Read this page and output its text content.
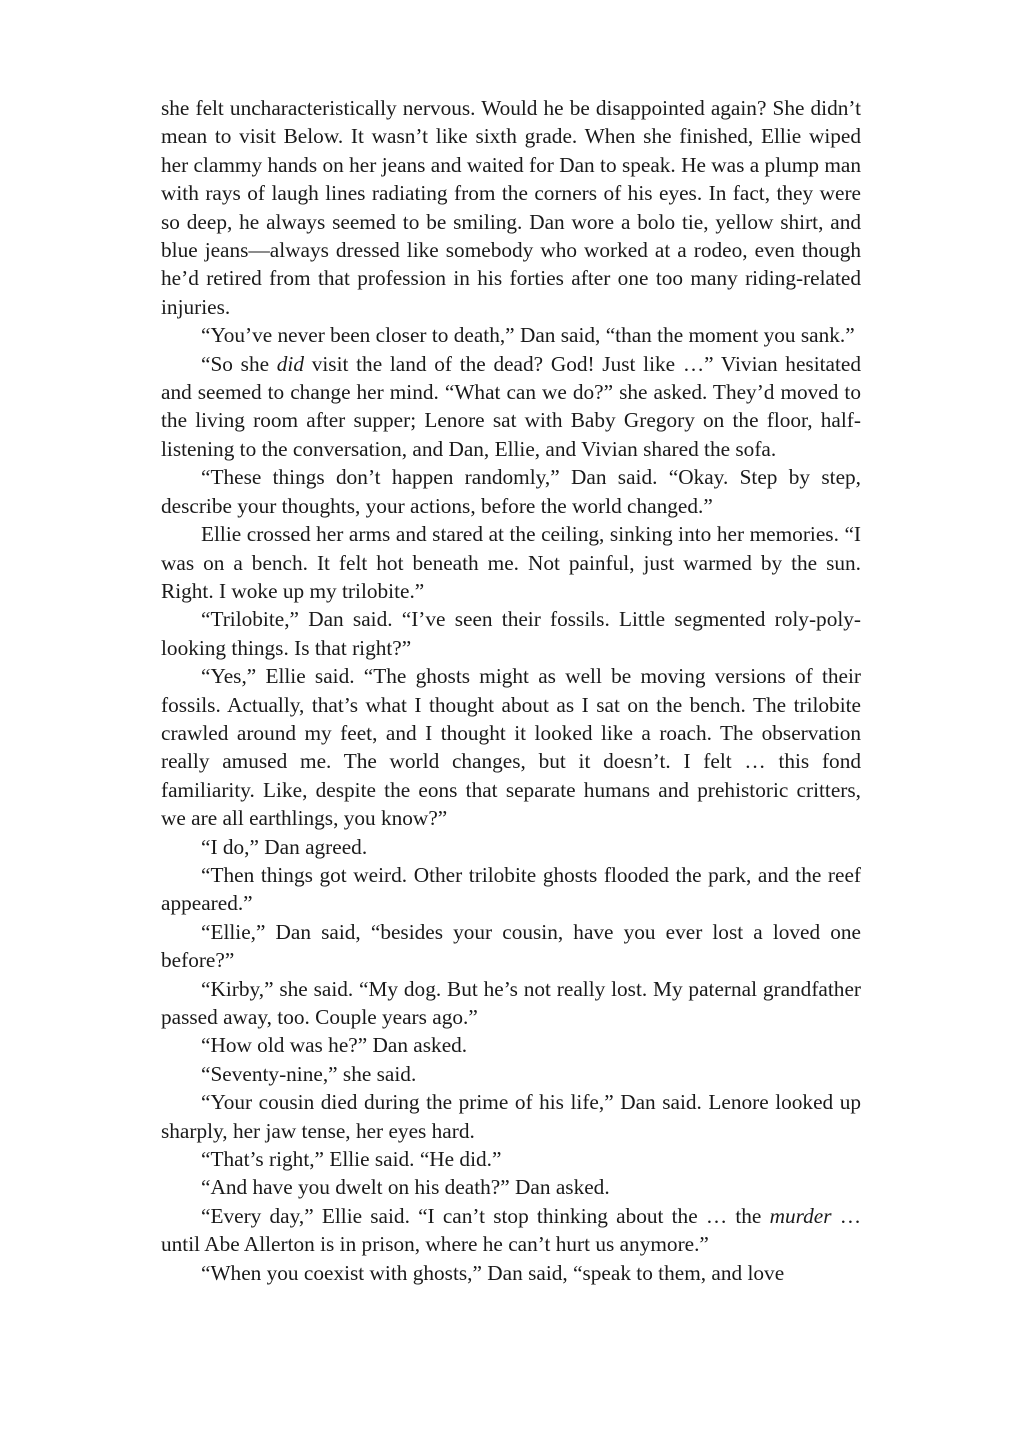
she felt uncharacteristically nervous. Would he be disappointed again? She didn’t mean to visit Below. It wasn’t like sixth grade. When she finished, Ellie wiped her clammy hands on her jeans and waited for Dan to speak. He was a plump man with rays of laugh lines radiating from the corners of his eyes. In fact, they were so deep, he always seemed to be smiling. Dan wore a bolo tie, yellow shirt, and blue jeans—always dressed like somebody who worked at a rodeo, even though he’d retired from that profession in his forties after one too many riding-related injuries.

“You’ve never been closer to death,” Dan said, “than the moment you sank.”

“So she did visit the land of the dead? God! Just like …” Vivian hesitated and seemed to change her mind. “What can we do?” she asked. They’d moved to the living room after supper; Lenore sat with Baby Gregory on the floor, half-listening to the conversation, and Dan, Ellie, and Vivian shared the sofa.

“These things don’t happen randomly,” Dan said. “Okay. Step by step, describe your thoughts, your actions, before the world changed.”

Ellie crossed her arms and stared at the ceiling, sinking into her memories. “I was on a bench. It felt hot beneath me. Not painful, just warmed by the sun. Right. I woke up my trilobite.”

“Trilobite,” Dan said. “I’ve seen their fossils. Little segmented roly-poly-looking things. Is that right?”

“Yes,” Ellie said. “The ghosts might as well be moving versions of their fossils. Actually, that’s what I thought about as I sat on the bench. The trilobite crawled around my feet, and I thought it looked like a roach. The observation really amused me. The world changes, but it doesn’t. I felt … this fond familiarity. Like, despite the eons that separate humans and prehistoric critters, we are all earthlings, you know?”

“I do,” Dan agreed.

“Then things got weird. Other trilobite ghosts flooded the park, and the reef appeared.”

“Ellie,” Dan said, “besides your cousin, have you ever lost a loved one before?”

“Kirby,” she said. “My dog. But he’s not really lost. My paternal grandfather passed away, too. Couple years ago.”

“How old was he?” Dan asked.

“Seventy-nine,” she said.

“Your cousin died during the prime of his life,” Dan said. Lenore looked up sharply, her jaw tense, her eyes hard.

“That’s right,” Ellie said. “He did.”

“And have you dwelt on his death?” Dan asked.

“Every day,” Ellie said. “I can’t stop thinking about the … the murder … until Abe Allerton is in prison, where he can’t hurt us anymore.”

“When you coexist with ghosts,” Dan said, “speak to them, and love
